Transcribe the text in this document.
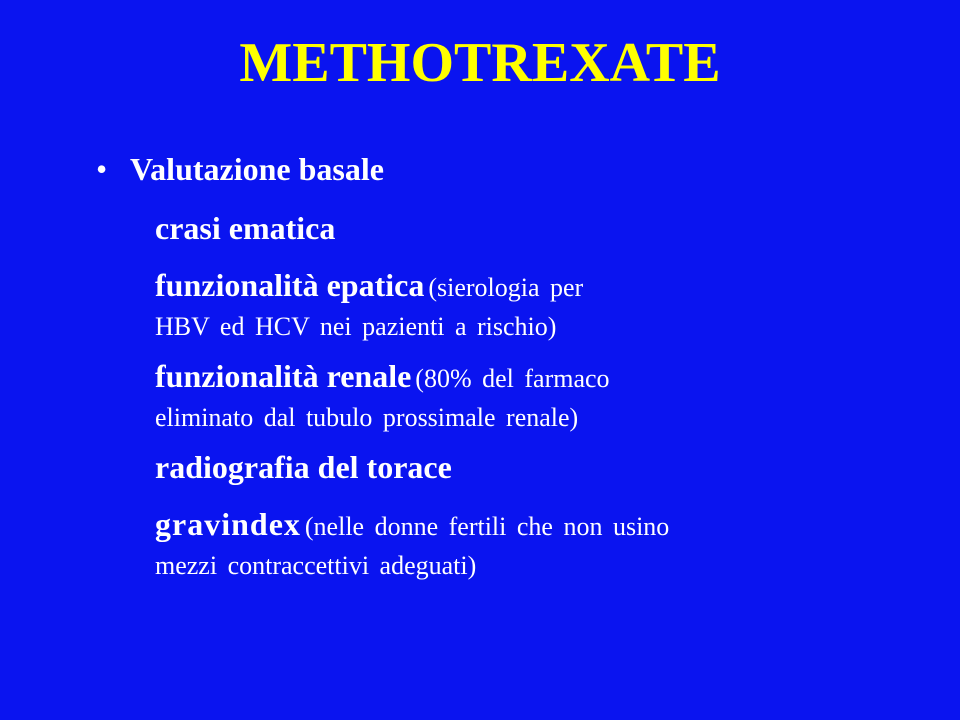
METHOTREXATE
• Valutazione basale
crasi ematica
funzionalità epatica (sierologia per
HBV ed HCV nei pazienti a rischio)
funzionalità renale (80% del farmaco
eliminato dal tubulo prossimale renale)
radiografia del torace
gravindex (nelle donne fertili che non usino
mezzi contraccettivi adeguati)
